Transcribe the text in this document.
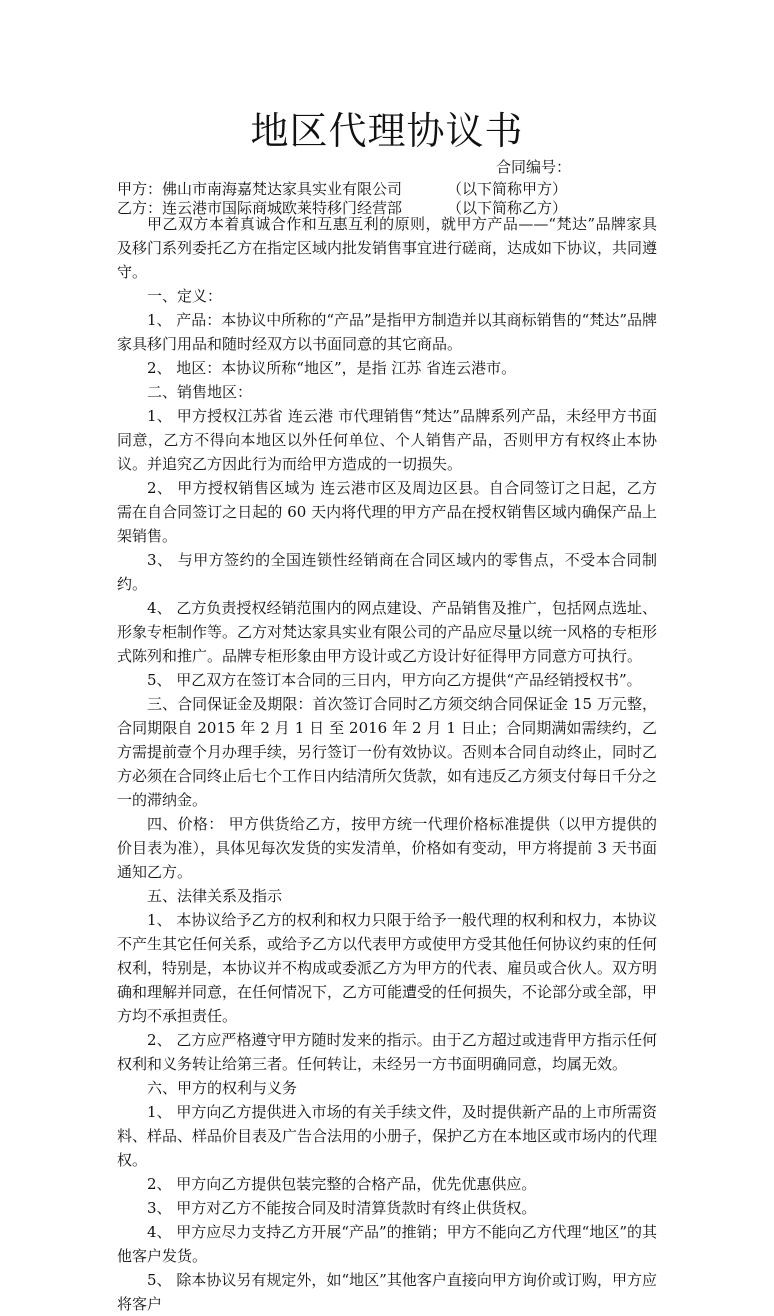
地区代理协议书
合同编号：
甲方：佛山市南海嘉梵达家具实业有限公司	（以下简称甲方）
乙方：连云港市国际商城欧莱特移门经营部	（以下简称乙方）

甲乙双方本着真诚合作和互惠互利的原则，就甲方产品——“梵达”品牌家具及移门系列委托乙方在指定区域内批发销售事宜进行磋商，达成如下协议，共同遵守。

一、定义：

1、 产品：本协议中所称的“产品”是指甲方制造并以其商标销售的“梵达”品牌家具移门用品和随时经双方以书面同意的其它商品。

2、 地区：本协议所称“地区”，是指 江苏 省连云港市。

二、销售地区：

1、 甲方授权江苏省 连云港 市代理销售“梵达”品牌系列产品，未经甲方书面同意，乙方不得向本地区以外任何单位、个人销售产品，否则甲方有权终止本协议。并追究乙方因此行为而给甲方造成的一切损失。

2、 甲方授权销售区域为 连云港市区及周边区县。自合同签订之日起，乙方需在自合同签订之日起的 60 天内将代理的甲方产品在授权销售区域内确保产品上架销售。

3、 与甲方签约的全国连锁性经销商在合同区域内的零售点，不受本合同制约。

4、 乙方负责授权经销范围内的网点建设、产品销售及推广，包括网点选址、形象专柜制作等。乙方对梵达家具实业有限公司的产品应尽量以统一风格的专柜形式陈列和推广。品牌专柜形象由甲方设计或乙方设计好征得甲方同意方可执行。

5、 甲乙双方在签订本合同的三日内，甲方向乙方提供“产品经销授权书”。

三、合同保证金及期限：首次签订合同时乙方须交纳合同保证金 15 万元整，合同期限自 2015 年 2 月 1 日 至 2016 年 2 月 1 日止；合同期满如需续约，乙方需提前壹个月办理手续，另行签订一份有效协议。否则本合同自动终止，同时乙方必须在合同终止后七个工作日内结清所欠货款，如有违反乙方须支付每日千分之一的滞纳金。

四、价格： 甲方供货给乙方，按甲方统一代理价格标准提供（以甲方提供的价目表为准），具体见每次发货的实发清单，价格如有变动，甲方将提前 3 天书面通知乙方。

五、法律关系及指示

1、 本协议给予乙方的权利和权力只限于给予一般代理的权利和权力，本协议不产生其它任何关系，或给予乙方以代表甲方或使甲方受其他任何协议约束的任何权利，特别是，本协议并不构成或委派乙方为甲方的代表、雇员或合伙人。双方明确和理解并同意，在任何情况下，乙方可能遭受的任何损失，不论部分或全部，甲方均不承担责任。

2、 乙方应严格遵守甲方随时发来的指示。由于乙方超过或违背甲方指示任何权利和义务转让给第三者。任何转让，未经另一方书面明确同意，均属无效。

六、甲方的权利与义务

1、 甲方向乙方提供进入市场的有关手续文件，及时提供新产品的上市所需资料、样品、样品价目表及广告合法用的小册子，保护乙方在本地区或市场内的代理权。

2、 甲方向乙方提供包装完整的合格产品，优先优惠供应。

3、 甲方对乙方不能按合同及时清算货款时有终止供货权。

4、 甲方应尽力支持乙方开展“产品”的推销；甲方不能向乙方代理“地区”的其他客户发货。

5、 除本协议另有规定外，如“地区”其他客户直接向甲方询价或订购，甲方应将客户
